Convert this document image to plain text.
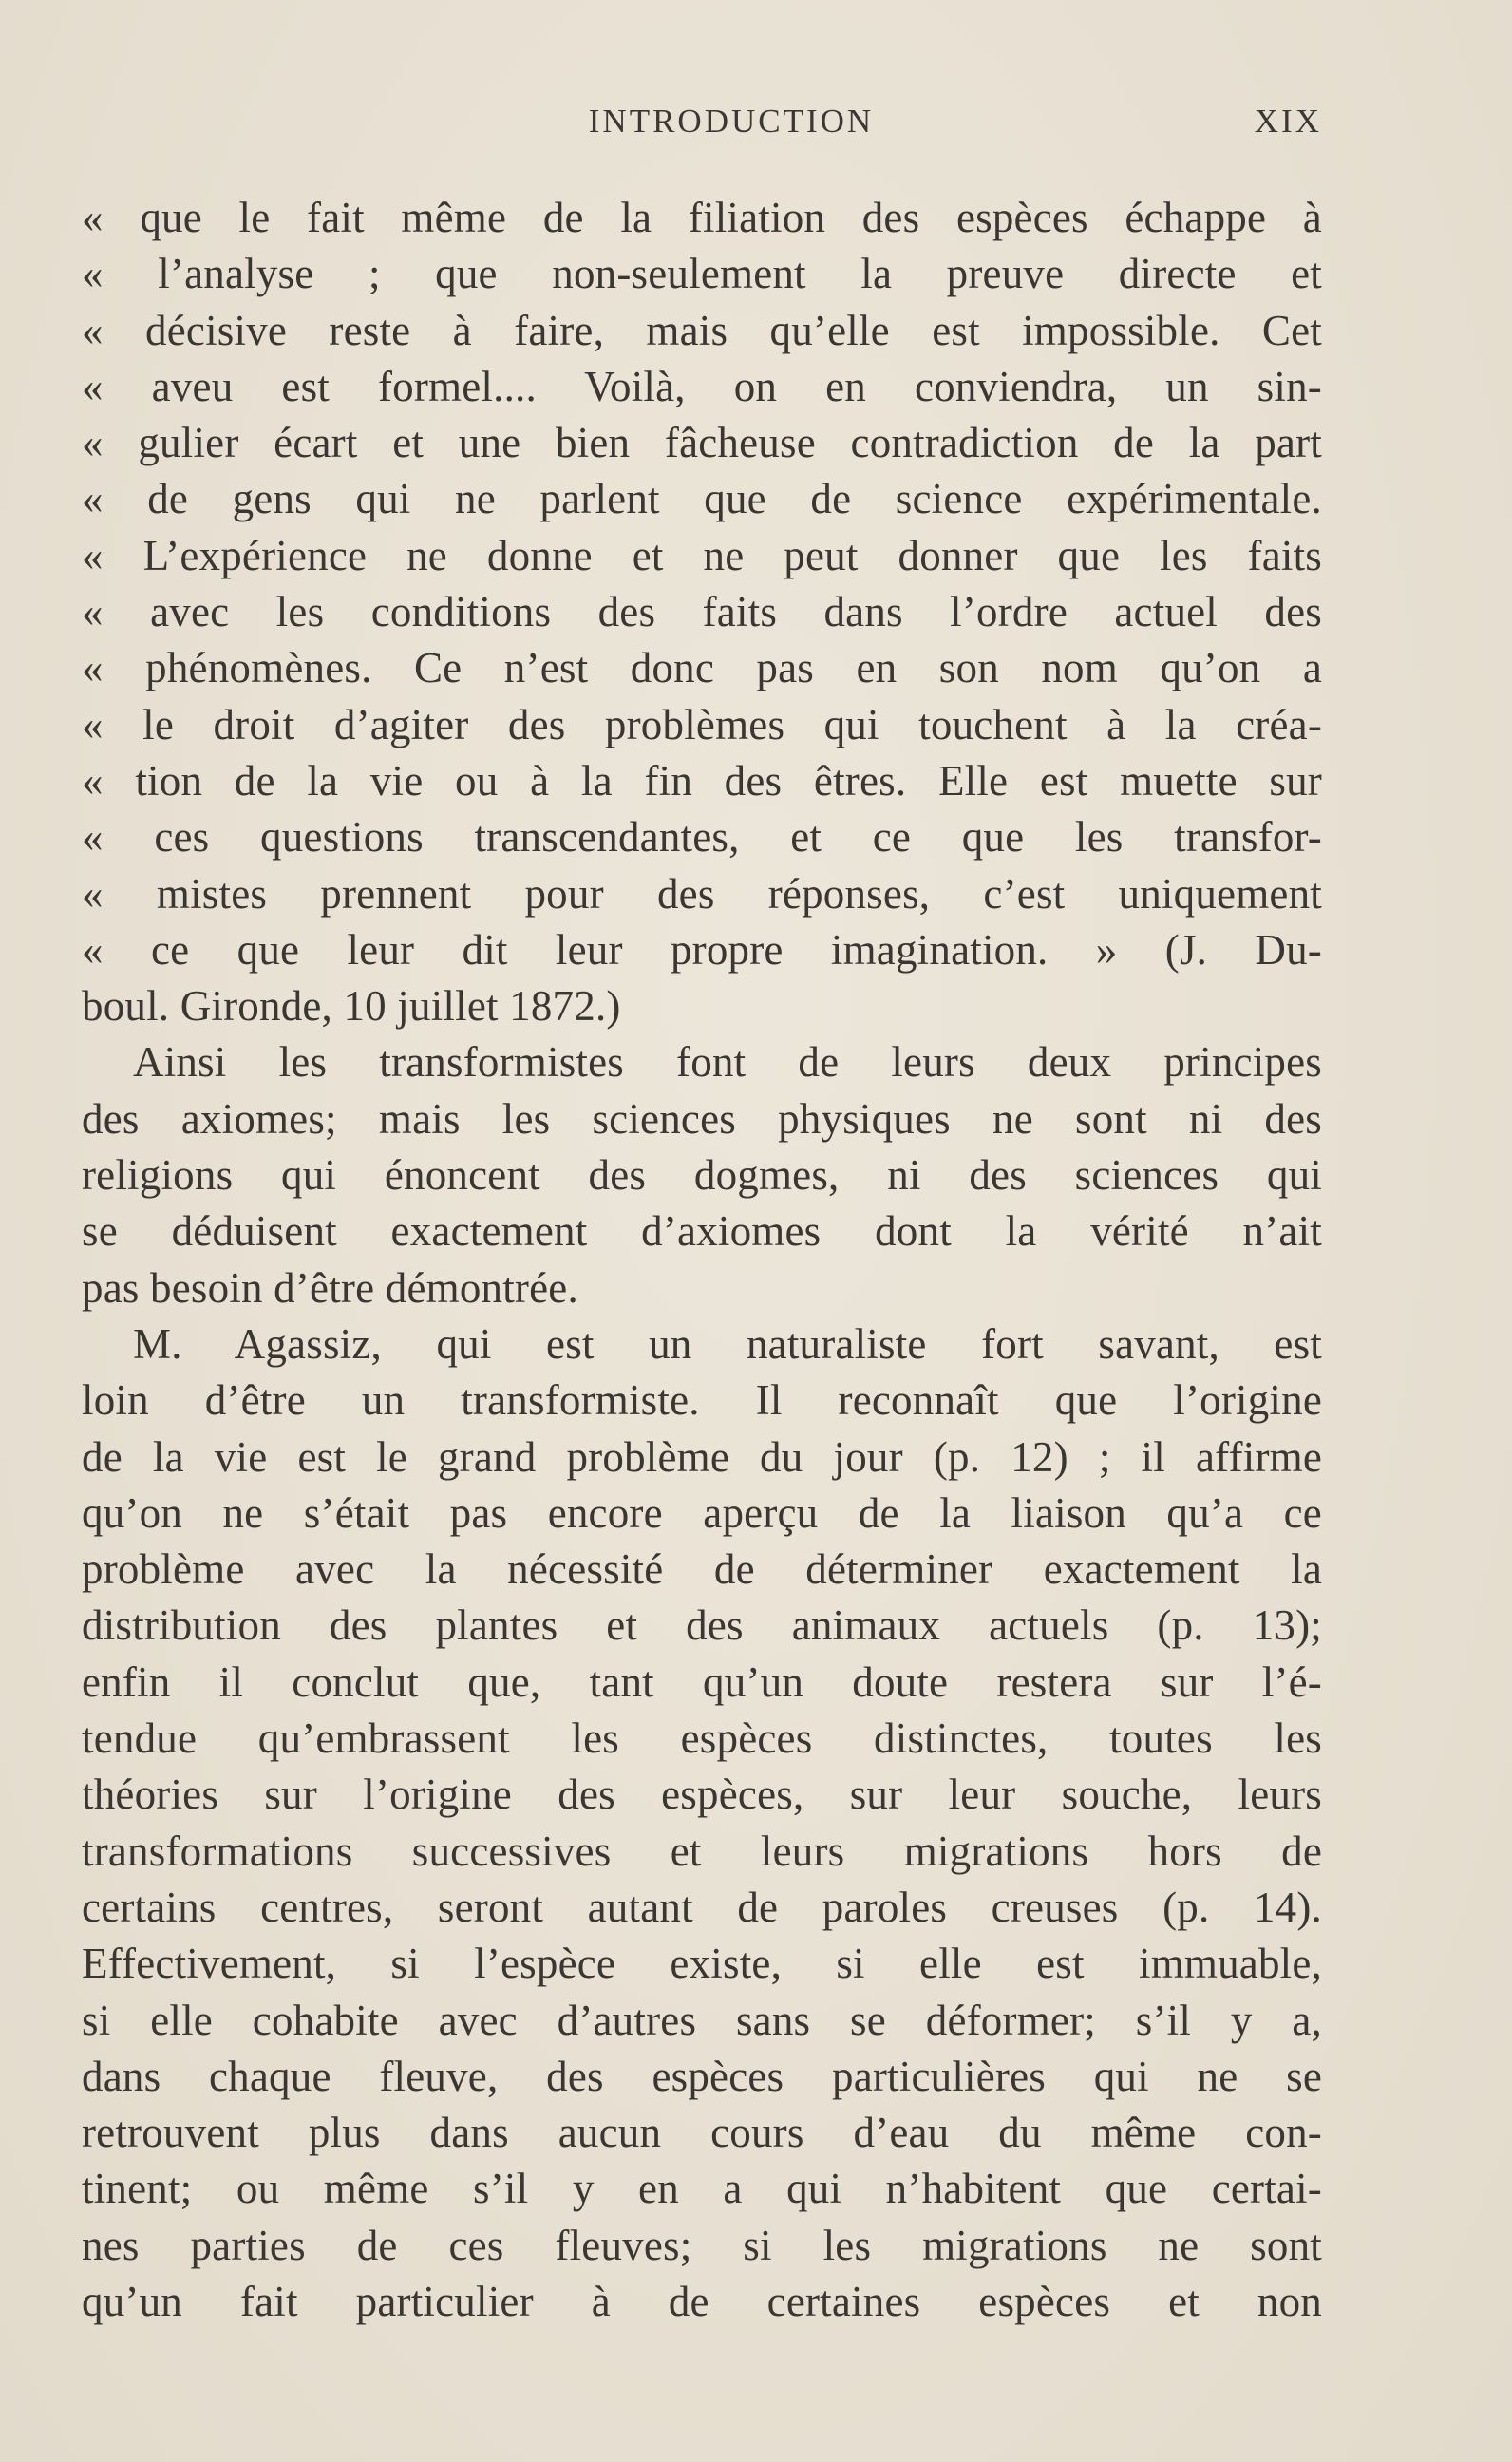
INTRODUCTION	XIX
« que le fait même de la filiation des espèces échappe à
« l’analyse ; que non-seulement la preuve directe et
« décisive reste à faire, mais qu’elle est impossible. Cet
« aveu est formel.... Voilà, on en conviendra, un sin-
« gulier écart et une bien fâcheuse contradiction de la part
« de gens qui ne parlent que de science expérimentale.
« L’expérience ne donne et ne peut donner que les faits
« avec les conditions des faits dans l’ordre actuel des
« phénomènes. Ce n’est donc pas en son nom qu’on a
« le droit d’agiter des problèmes qui touchent à la créa-
« tion de la vie ou à la fin des êtres. Elle est muette sur
« ces questions transcendantes, et ce que les transfor-
« mistes prennent pour des réponses, c’est uniquement
« ce que leur dit leur propre imagination. » (J. Du-
boul. Gironde, 10 juillet 1872.)
Ainsi les transformistes font de leurs deux principes
des axiomes; mais les sciences physiques ne sont ni des
religions qui énoncent des dogmes, ni des sciences qui
se déduisent exactement d’axiomes dont la vérité n’ait
pas besoin d’être démontrée.
M. Agassiz, qui est un naturaliste fort savant, est
loin d’être un transformiste. Il reconnaît que l’origine
de la vie est le grand problème du jour (p. 12) ; il affirme
qu’on ne s’était pas encore aperçu de la liaison qu’a ce
problème avec la nécessité de déterminer exactement la
distribution des plantes et des animaux actuels (p. 13);
enfin il conclut que, tant qu’un doute restera sur l’é-
tendue qu’embrassent les espèces distinctes, toutes les
théories sur l’origine des espèces, sur leur souche, leurs
transformations successives et leurs migrations hors de
certains centres, seront autant de paroles creuses (p. 14).
Effectivement, si l’espèce existe, si elle est immuable,
si elle cohabite avec d’autres sans se déformer; s’il y a,
dans chaque fleuve, des espèces particulières qui ne se
retrouvent plus dans aucun cours d’eau du même con-
tinent; ou même s’il y en a qui n’habitent que certai-
nes parties de ces fleuves; si les migrations ne sont
qu’un fait particulier à de certaines espèces et non
